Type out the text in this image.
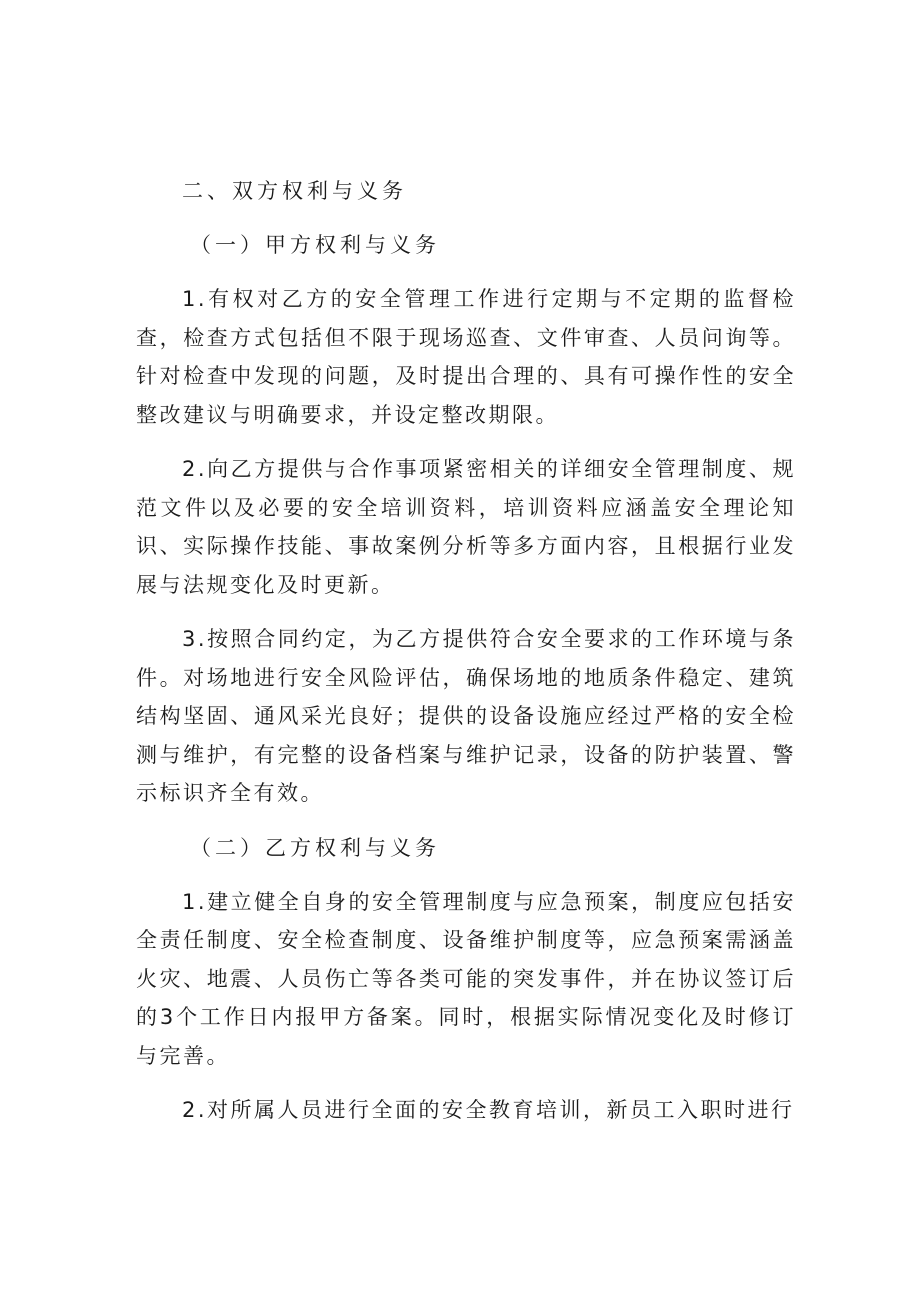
二、双方权利与义务
（一）甲方权利与义务

1.有权对乙方的安全管理工作进行定期与不定期的监督检查，检查方式包括但不限于现场巡查、文件审查、人员问询等。针对检查中发现的问题，及时提出合理的、具有可操作性的安全整改建议与明确要求，并设定整改期限。

2.向乙方提供与合作事项紧密相关的详细安全管理制度、规范文件以及必要的安全培训资料，培训资料应涵盖安全理论知识、实际操作技能、事故案例分析等多方面内容，且根据行业发展与法规变化及时更新。

3.按照合同约定，为乙方提供符合安全要求的工作环境与条件。对场地进行安全风险评估，确保场地的地质条件稳定、建筑结构坚固、通风采光良好；提供的设备设施应经过严格的安全检测与维护，有完整的设备档案与维护记录，设备的防护装置、警示标识齐全有效。

（二）乙方权利与义务

1.建立健全自身的安全管理制度与应急预案，制度应包括安全责任制度、安全检查制度、设备维护制度等，应急预案需涵盖火灾、地震、人员伤亡等各类可能的突发事件，并在协议签订后的3个工作日内报甲方备案。同时，根据实际情况变化及时修订与完善。

2.对所属人员进行全面的安全教育培训，新员工入职时进行
